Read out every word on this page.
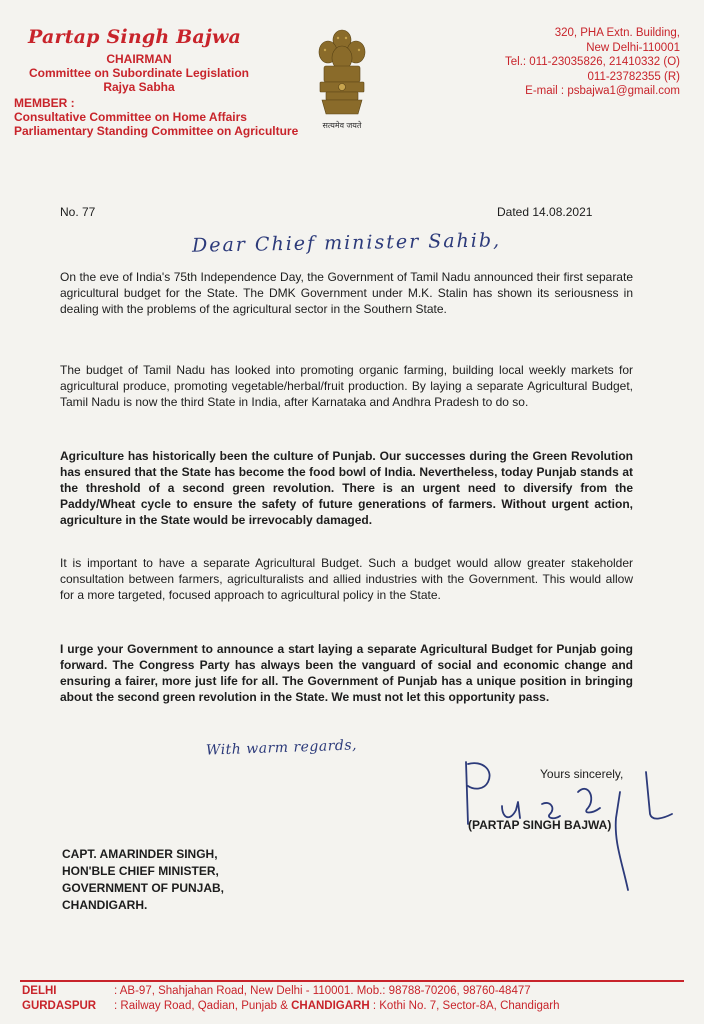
Partap Singh Bajwa
CHAIRMAN
Committee on Subordinate Legislation
Rajya Sabha
MEMBER :
Consultative Committee on Home Affairs
Parliamentary Standing Committee on Agriculture	सत्यमेव जयते
320, PHA Extn. Building,
New Delhi-110001
Tel.: 011-23035826, 21410332 (O)
011-23782355 (R)
E-mail : psbajwa1@gmail.com
No. 77	Dated 14.08.2021
Dear Chief minister Sahib,

On the eve of India's 75th Independence Day, the Government of Tamil Nadu announced their first separate agricultural budget for the State. The DMK Government under M.K. Stalin has shown its seriousness in dealing with the problems of the agricultural sector in the Southern State.

The budget of Tamil Nadu has looked into promoting organic farming, building local weekly markets for agricultural produce, promoting vegetable/herbal/fruit production. By laying a separate Agricultural Budget, Tamil Nadu is now the third State in India, after Karnataka and Andhra Pradesh to do so.

Agriculture has historically been the culture of Punjab. Our successes during the Green Revolution has ensured that the State has become the food bowl of India. Nevertheless, today Punjab stands at the threshold of a second green revolution. There is an urgent need to diversify from the Paddy/Wheat cycle to ensure the safety of future generations of farmers. Without urgent action, agriculture in the State would be irrevocably damaged.

It is important to have a separate Agricultural Budget. Such a budget would allow greater stakeholder consultation between farmers, agriculturalists and allied industries with the Government. This would allow for a more targeted, focused approach to agricultural policy in the State.

I urge your Government to announce a start laying a separate Agricultural Budget for Punjab going forward. The Congress Party has always been the vanguard of social and economic change and ensuring a fairer, more just life for all. The Government of Punjab has a unique position in bringing about the second green revolution in the State. We must not let this opportunity pass.

With warm regards,
Yours sincerely,
(PARTAP SINGH BAJWA)
CAPT. AMARINDER SINGH,
HON'BLE CHIEF MINISTER,
GOVERNMENT OF PUNJAB,
CHANDIGARH.
DELHI	: AB-97, Shahjahan Road, New Delhi - 110001. Mob.: 98788-70206, 98760-48477
GURDASPUR : Railway Road, Qadian, Punjab & CHANDIGARH : Kothi No. 7, Sector-8A, Chandigarh
